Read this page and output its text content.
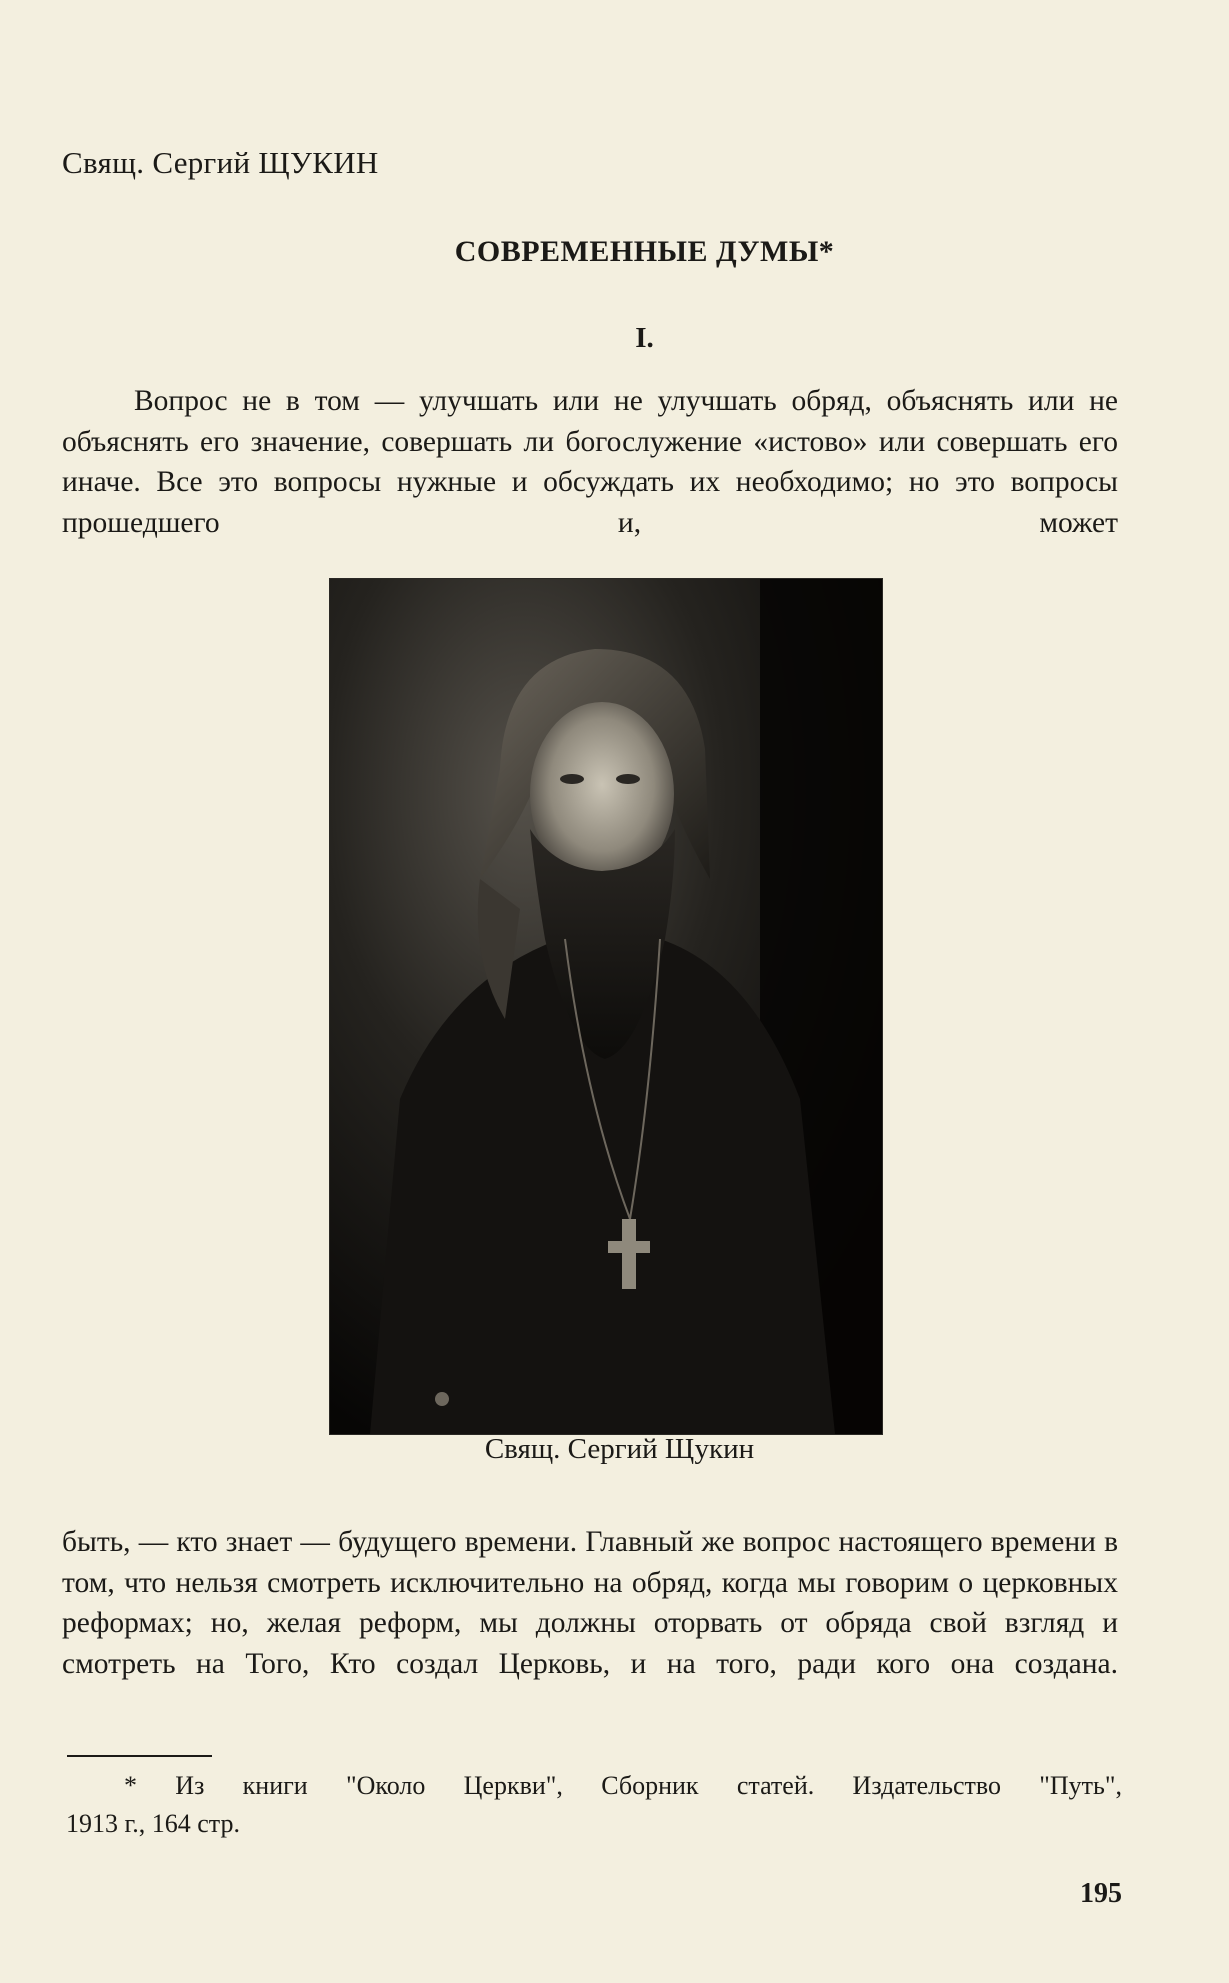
Свящ. Сергий ЩУКИН
СОВРЕМЕННЫЕ ДУМЫ*
I.
Вопрос не в том — улучшать или не улучшать обряд, объяснять или не объяснять его значение, совершать ли богослужение «истово» или совершать его иначе. Все это вопросы нужные и обсуждать их необходимо; но это вопросы прошедшего и, может
Свящ. Сергий Щукин
быть, — кто знает — будущего времени. Главный же вопрос настоящего времени в том, что нельзя смотреть исключительно на обряд, когда мы говорим о церковных реформах; но, желая реформ, мы должны оторвать от обряда свой взгляд и смотреть на Того, Кто создал Церковь, и на того, ради кого она создана.
* Из книги "Около Церкви", Сборник статей. Издательство "Путь",
1913 г., 164 стр.
195
